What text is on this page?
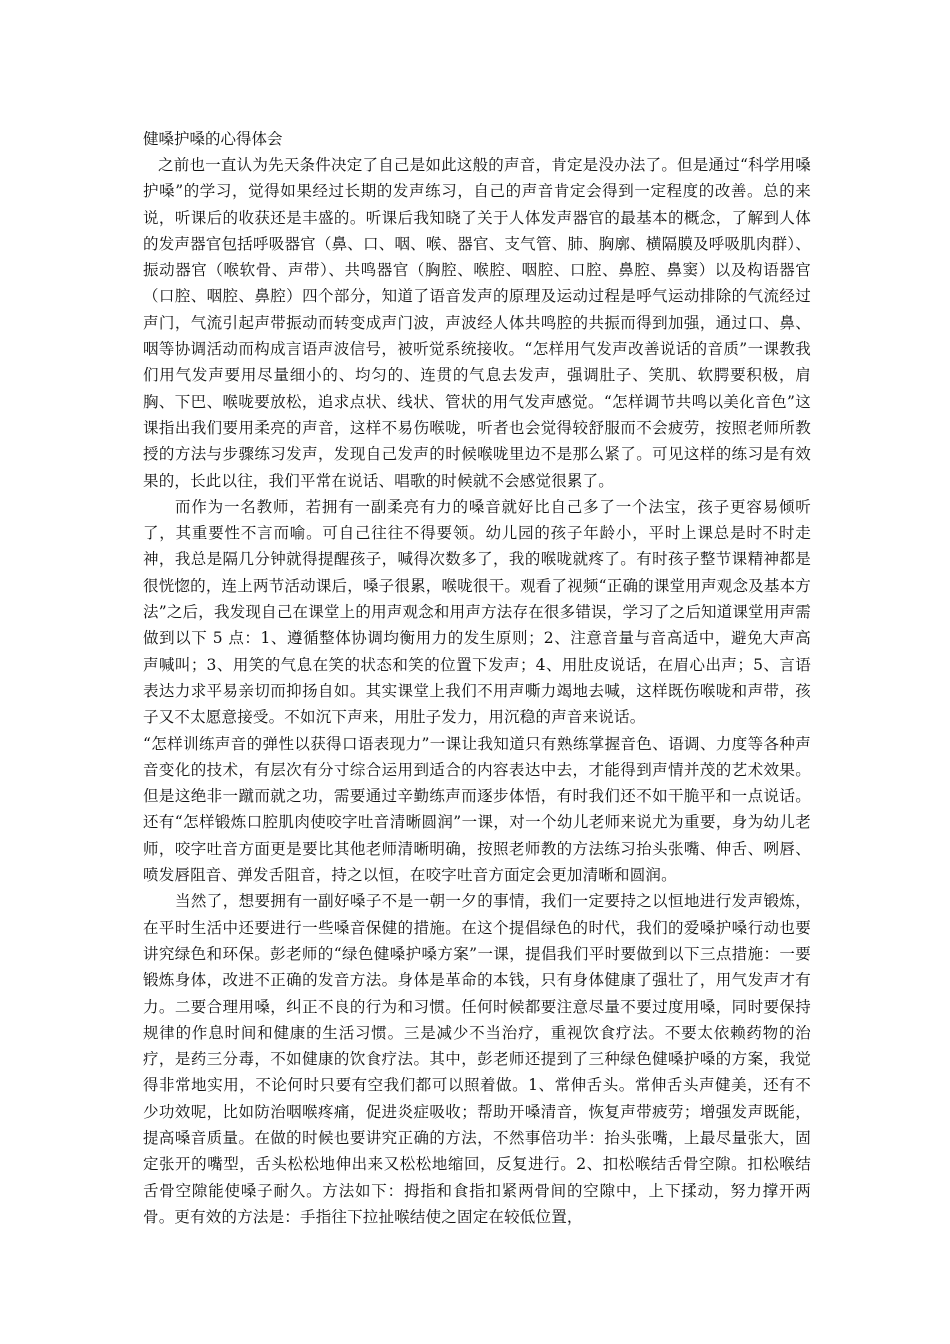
健嗓护嗓的心得体会

之前也一直认为先天条件决定了自己是如此这般的声音，肯定是没办法了。但是通过“科学用嗓护嗓”的学习，觉得如果经过长期的发声练习，自己的声音肯定会得到一定程度的改善。总的来说，听课后的收获还是丰盛的。听课后我知晓了关于人体发声器官的最基本的概念，了解到人体的发声器官包括呼吸器官（鼻、口、咽、喉、器官、支气管、肺、胸廓、横隔膜及呼吸肌肉群）、振动器官（喉软骨、声带）、共鸣器官（胸腔、喉腔、咽腔、口腔、鼻腔、鼻窦）以及构语器官（口腔、咽腔、鼻腔）四个部分，知道了语音发声的原理及运动过程是呼气运动排除的气流经过声门，气流引起声带振动而转变成声门波，声波经人体共鸣腔的共振而得到加强，通过口、鼻、咽等协调活动而构成言语声波信号，被听觉系统接收。“怎样用气发声改善说话的音质”一课教我们用气发声要用尽量细小的、均匀的、连贯的气息去发声，强调肚子、笑肌、软腭要积极，肩胸、下巴、喉咙要放松，追求点状、线状、管状的用气发声感觉。“怎样调节共鸣以美化音色”这课指出我们要用柔亮的声音，这样不易伤喉咙，听者也会觉得较舒服而不会疲劳，按照老师所教授的方法与步骤练习发声，发现自己发声的时候喉咙里边不是那么紧了。可见这样的练习是有效果的，长此以往，我们平常在说话、唱歌的时候就不会感觉很累了。

而作为一名教师，若拥有一副柔亮有力的嗓音就好比自己多了一个法宝，孩子更容易倾听了，其重要性不言而喻。可自己往往不得要领。幼儿园的孩子年龄小，平时上课总是时不时走神，我总是隔几分钟就得提醒孩子，喊得次数多了，我的喉咙就疼了。有时孩子整节课精神都是很恍惚的，连上两节活动课后，嗓子很累，喉咙很干。观看了视频“正确的课堂用声观念及基本方法”之后，我发现自己在课堂上的用声观念和用声方法存在很多错误，学习了之后知道课堂用声需做到以下 5 点：1、遵循整体协调均衡用力的发生原则；2、注意音量与音高适中，避免大声高声喊叫；3、用笑的气息在笑的状态和笑的位置下发声；4、用肚皮说话，在眉心出声；5、言语表达力求平易亲切而抑扬自如。其实课堂上我们不用声嘶力竭地去喊，这样既伤喉咙和声带，孩子又不太愿意接受。不如沉下声来，用肚子发力，用沉稳的声音来说话。

“怎样训练声音的弹性以获得口语表现力”一课让我知道只有熟练掌握音色、语调、力度等各种声音变化的技术，有层次有分寸综合运用到适合的内容表达中去，才能得到声情并茂的艺术效果。但是这绝非一蹴而就之功，需要通过辛勤练声而逐步体悟，有时我们还不如干脆平和一点说话。还有“怎样锻炼口腔肌肉使咬字吐音清晰圆润”一课，对一个幼儿老师来说尤为重要，身为幼儿老师，咬字吐音方面更是要比其他老师清晰明确，按照老师教的方法练习抬头张嘴、伸舌、咧唇、喷发唇阻音、弹发舌阻音，持之以恒，在咬字吐音方面定会更加清晰和圆润。

当然了，想要拥有一副好嗓子不是一朝一夕的事情，我们一定要持之以恒地进行发声锻炼，在平时生活中还要进行一些嗓音保健的措施。在这个提倡绿色的时代，我们的爱嗓护嗓行动也要讲究绿色和环保。彭老师的“绿色健嗓护嗓方案”一课，提倡我们平时要做到以下三点措施：一要锻炼身体，改进不正确的发音方法。身体是革命的本钱，只有身体健康了强壮了，用气发声才有力。二要合理用嗓，纠正不良的行为和习惯。任何时候都要注意尽量不要过度用嗓，同时要保持规律的作息时间和健康的生活习惯。三是减少不当治疗，重视饮食疗法。不要太依赖药物的治疗，是药三分毒，不如健康的饮食疗法。其中，彭老师还提到了三种绿色健嗓护嗓的方案，我觉得非常地实用，不论何时只要有空我们都可以照着做。1、常伸舌头。常伸舌头声健美，还有不少功效呢，比如防治咽喉疼痛，促进炎症吸收；帮助开嗓清音，恢复声带疲劳；增强发声既能，提高嗓音质量。在做的时候也要讲究正确的方法，不然事倍功半：抬头张嘴，上最尽量张大，固定张开的嘴型，舌头松松地伸出来又松松地缩回，反复进行。2、扣松喉结舌骨空隙。扣松喉结舌骨空隙能使嗓子耐久。方法如下：拇指和食指扣紧两骨间的空隙中，上下揉动，努力撑开两骨。更有效的方法是：手指往下拉扯喉结使之固定在较低位置，
